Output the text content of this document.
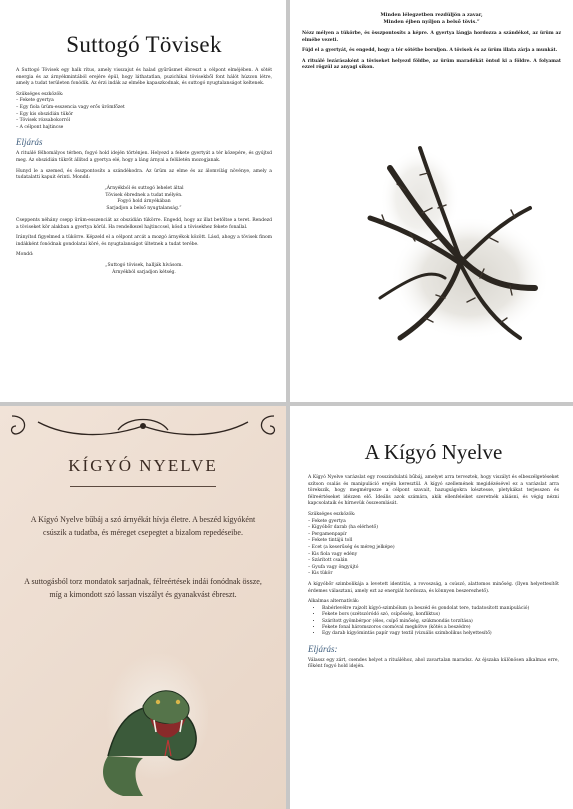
Suttogó Tövisek

A Suttogó Tövisek egy halk rítus, amely visszajut és halad gyűrűsmet ébreszt a célpont elméjében. A sötét energia és az árnyékmintából erejére épül, hogy láthatatlan, puzichikai tövisekből font hálót húzzon létre, amely a tudat területen fonódik. Az érzi indák az elmébe kapaszkodnak, és suttogó nyugtalanságot keltenek.

Szükséges eszközök:
– Fekete gyertya
– Egy fiola ürüm-esszencia vagy erős ürömfőzet
– Egy kis obszidián tükör
– Tövisek rózsabokorról
– A célpont hajtincse
Eljárás

A rituálé félhomályos térben, fogyó hold idején történjen. Helyezd a fekete gyertyát a tér közepére, és gyújtsd meg. Az obszidián tükröt állítsd a gyertya elé, hogy a láng árnyai a felületén mozogjanak.

Hunyd le a szemed, és összpontosíts a szándékodra. Az ürüm az elme és az álomvilág növénye, amely a tudatalatti kapuit érinti. Mondd:

„Árnyékból és suttogó lehelet által
Tövisek ébrednek a tudat mélyén.
Fogyó hold árnyékában
Sarjadjon a belső nyugtalanság.”

Cseppents néhány csepp ürüm-esszenciát az obszidián tükörre. Engedd, hogy az illat betöltse a teret. Rendezd a töviseket kör alakban a gyertya körül. Ha rendelkezel hajtinccsel, kösd a tövisekhez fekete fonallal.

Irányítsd figyelmed a tükörre. Képzeld el a célpont arcát a mozgó árnyékok között. Lásd, ahogy a tövisek finom indákként fonódnak gondolatai köré, és nyugtalanságot ültetnek a tudat terébe.

Mondd:

„Suttogó tövisek, hallják hívásom.
Árnyékból sarjadjon kétség.
Minden lélegzetben rezdüljön a zavar,
Minden éjben nyíljon a belső tövis.”

Nézz mélyen a tükörbe, és összpontosíts a képre. A gyertya lángja hordozza a szándékot, az ürüm az elmébe vezeti.

Fújd el a gyertyát, és engedd, hogy a tér sötétbe boruljon. A tövisek és az ürüm illata zárja a munkát.

A rituálé lezárásaként a töviseket helyezd földbe, az ürüm maradékát öntsd ki a földre. A folyamat ezzel rögzül az anyagi síkon.

KÍGYÓ NYELVE
A Kígyó Nyelve bűbáj a szó árnyékát hívja életre. A beszéd kígyóként csúszik a tudatba, és méreget csepegtet a bizalom repedéseibe.
A suttogásból torz mondatok sarjadnak, félreértések indái fonódnak össze, míg a kimondott szó lassan viszályt és gyanakvást ébreszt.
A Kígyó Nyelve

A Kígyó Nyelve varázslat egy rosszindulatú bűbáj, amelyet arra terveztek, hogy viszályt és elbeszélgetéseket szítson csalás és manipuláció erején keresztül. A kígyó szellemének megidézésével ez a varázslat arra törekszik, hogy megmérgezze a célpont szavait, hazugságokra késztesse, pletykákat terjesszen és félreértéseket idézzen elő. Ideális azok számára, akik ellenfeleiket szeretnék aláásni, és végig nézni kapcsolataik és hírnevük összeomlását.

Szükséges eszközök:
– Fekete gyertya
– Kígyóbőr darab (ha elérhető)
– Pergamenpapír
– Fekete tintájú toll
– Ecet (a keserűség és méreg jelképe)
– Kis fiola vagy edény
– Szárított csalán
– Gyufa vagy öngyújtó
– Kis tükör

A kígyóbőr szimbolikája a levetett identitás, a rovoszság, a csúszó, alattomos minőség. (Ilyen helyettesítőt érdemes választani, amely ezt az energiát hordozza, és könnyen beszerezhető).

Alkalmas alternatívák:
• Babérlevélre rajzolt kígyó-szimbólum (a beszéd és gondolat tere, tudatosított manipuláció)
• Fekete bors (szétszóródó szó, csípősség, konfliktus)
• Szárított gyömbérpor (éles, csípő minőség, szúkmondás torzítása)
• Fekete fonal háromszoros csomóval megkötve (kötés a beszédre)
• Egy darab kígyómintás papír vagy textil (vizuális szimbolikus helyettesítő)
Eljárás:

Válassz egy zárt, csendes helyet a rituáléhoz, ahol zavartalan maradsz. Az éjszaka különösen alkalmas erre, főként fogyó hold idején.
